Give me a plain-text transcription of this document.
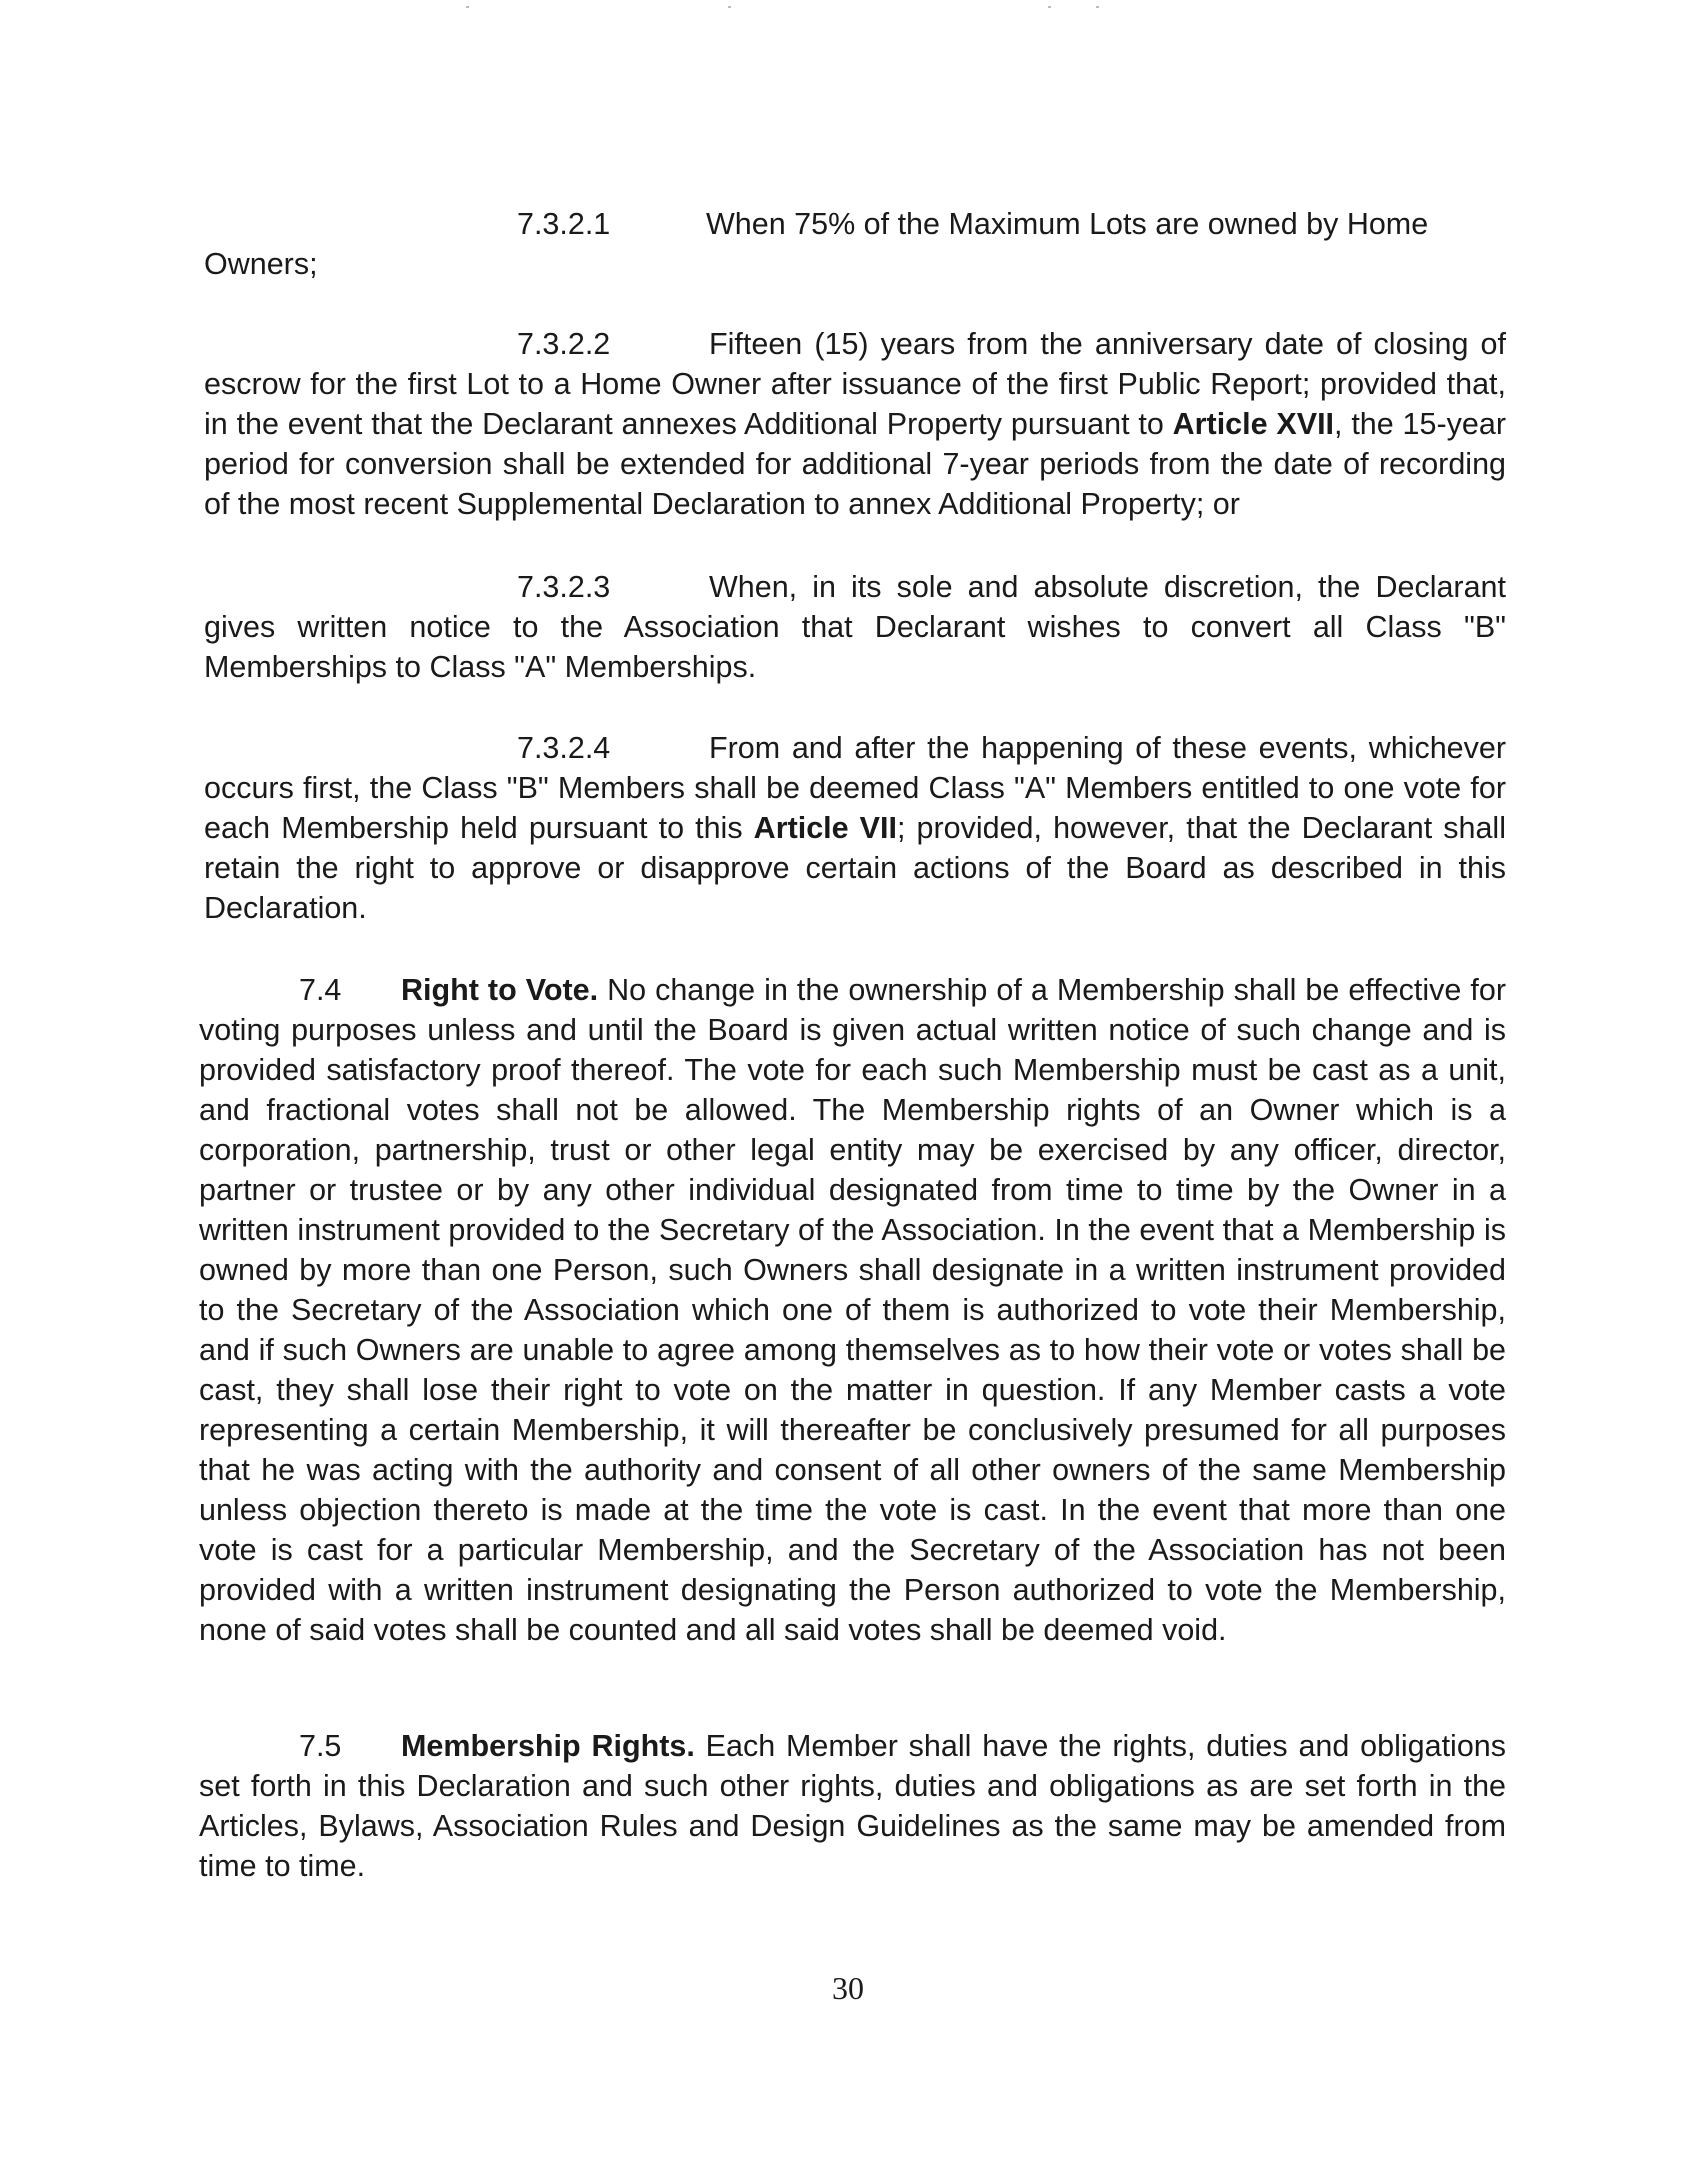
7.3.2.1	When 75% of the Maximum Lots are owned by Home
Owners;
7.3.2.2	Fifteen (15) years from the anniversary date of closing of escrow for the first Lot to a Home Owner after issuance of the first Public Report; provided that, in the event that the Declarant annexes Additional Property pursuant to Article XVII, the 15-year period for conversion shall be extended for additional 7-year periods from the date of recording of the most recent Supplemental Declaration to annex Additional Property; or
7.3.2.3	When, in its sole and absolute discretion, the Declarant gives written notice to the Association that Declarant wishes to convert all Class "B" Memberships to Class "A" Memberships.
7.3.2.4	From and after the happening of these events, whichever occurs first, the Class "B" Members shall be deemed Class "A" Members entitled to one vote for each Membership held pursuant to this Article VII; provided, however, that the Declarant shall retain the right to approve or disapprove certain actions of the Board as described in this Declaration.
7.4 Right to Vote. No change in the ownership of a Membership shall be effective for voting purposes unless and until the Board is given actual written notice of such change and is provided satisfactory proof thereof. The vote for each such Membership must be cast as a unit, and fractional votes shall not be allowed. The Membership rights of an Owner which is a corporation, partnership, trust or other legal entity may be exercised by any officer, director, partner or trustee or by any other individual designated from time to time by the Owner in a written instrument provided to the Secretary of the Association. In the event that a Membership is owned by more than one Person, such Owners shall designate in a written instrument provided to the Secretary of the Association which one of them is authorized to vote their Membership, and if such Owners are unable to agree among themselves as to how their vote or votes shall be cast, they shall lose their right to vote on the matter in question. If any Member casts a vote representing a certain Membership, it will thereafter be conclusively presumed for all purposes that he was acting with the authority and consent of all other owners of the same Membership unless objection thereto is made at the time the vote is cast. In the event that more than one vote is cast for a particular Membership, and the Secretary of the Association has not been provided with a written instrument designating the Person authorized to vote the Membership, none of said votes shall be counted and all said votes shall be deemed void.
7.5 Membership Rights. Each Member shall have the rights, duties and obligations set forth in this Declaration and such other rights, duties and obligations as are set forth in the Articles, Bylaws, Association Rules and Design Guidelines as the same may be amended from time to time.
30
